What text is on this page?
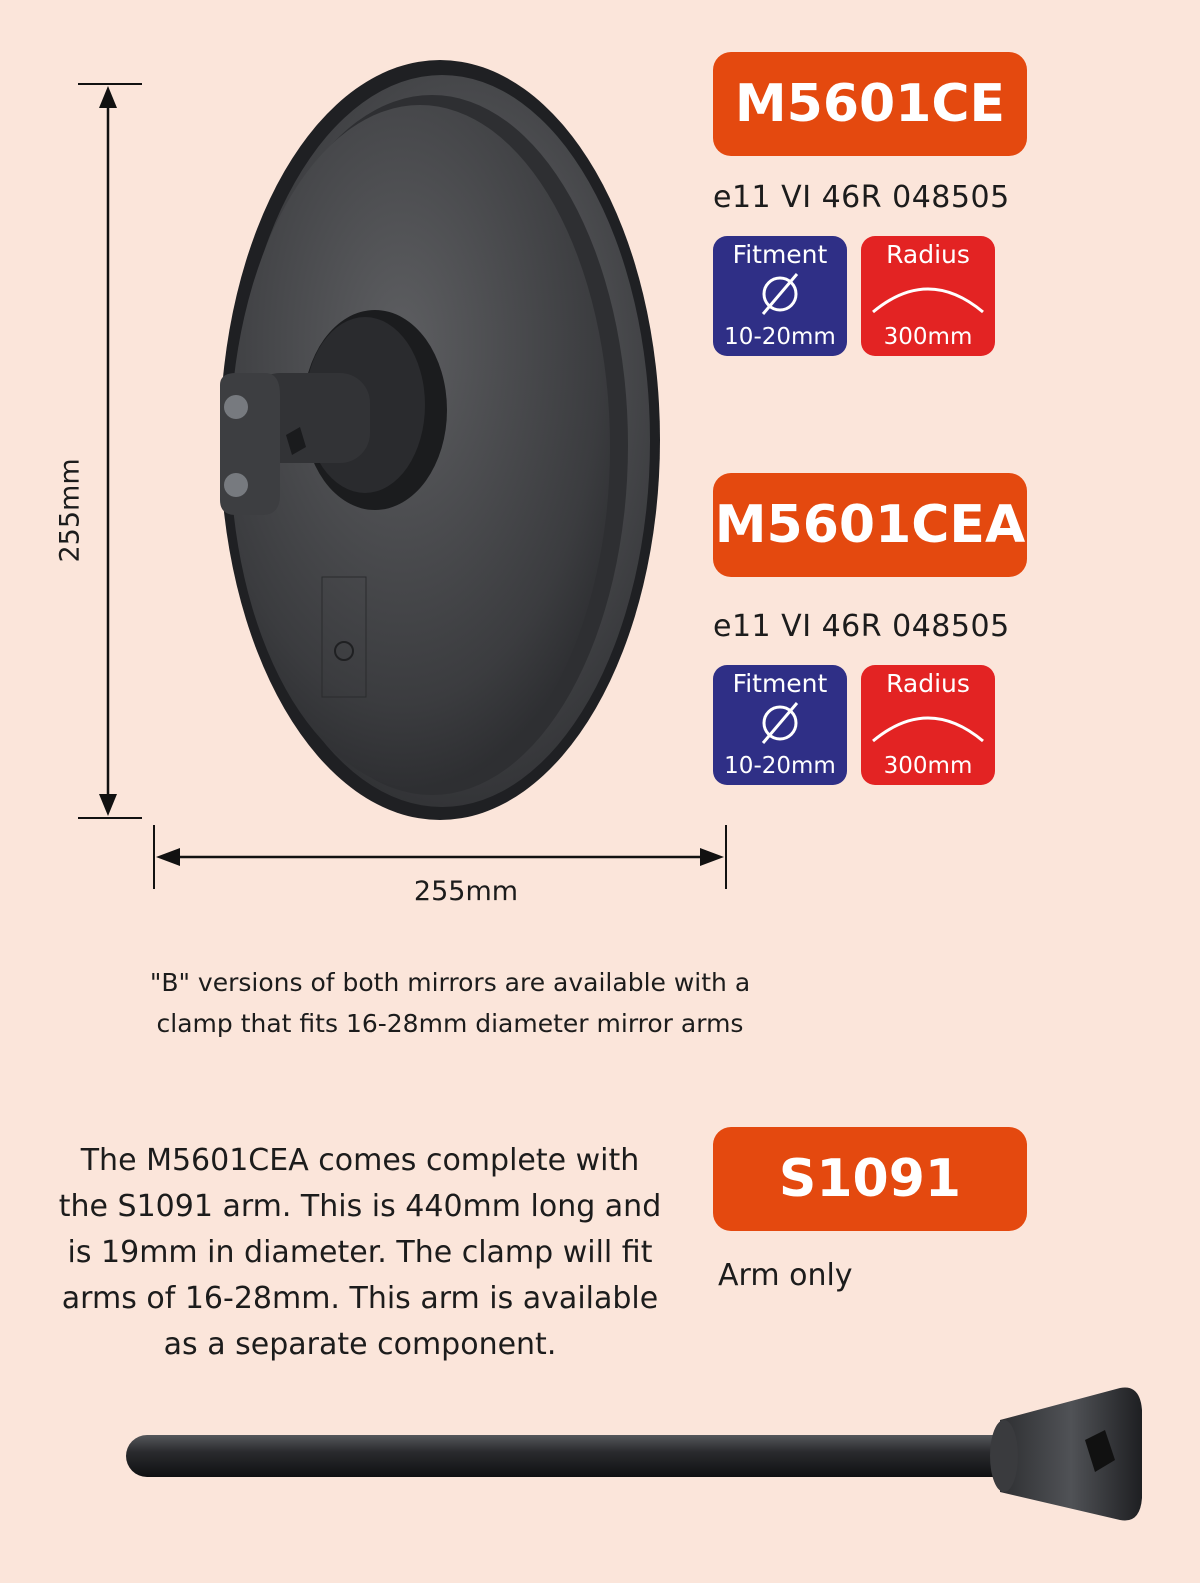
255mm
255mm
M5601CE
e11 VI 46R 048505
Fitment
10-20mm
Radius
300mm
M5601CEA
e11 VI 46R 048505
Fitment
10-20mm
Radius
300mm
"B" versions of both mirrors are available with a clamp that fits 16-28mm diameter mirror arms
S1091
Arm only
The M5601CEA comes complete with the S1091 arm. This is 440mm long and is 19mm in diameter. The clamp will fit arms of 16-28mm. This arm is available as a separate component.
